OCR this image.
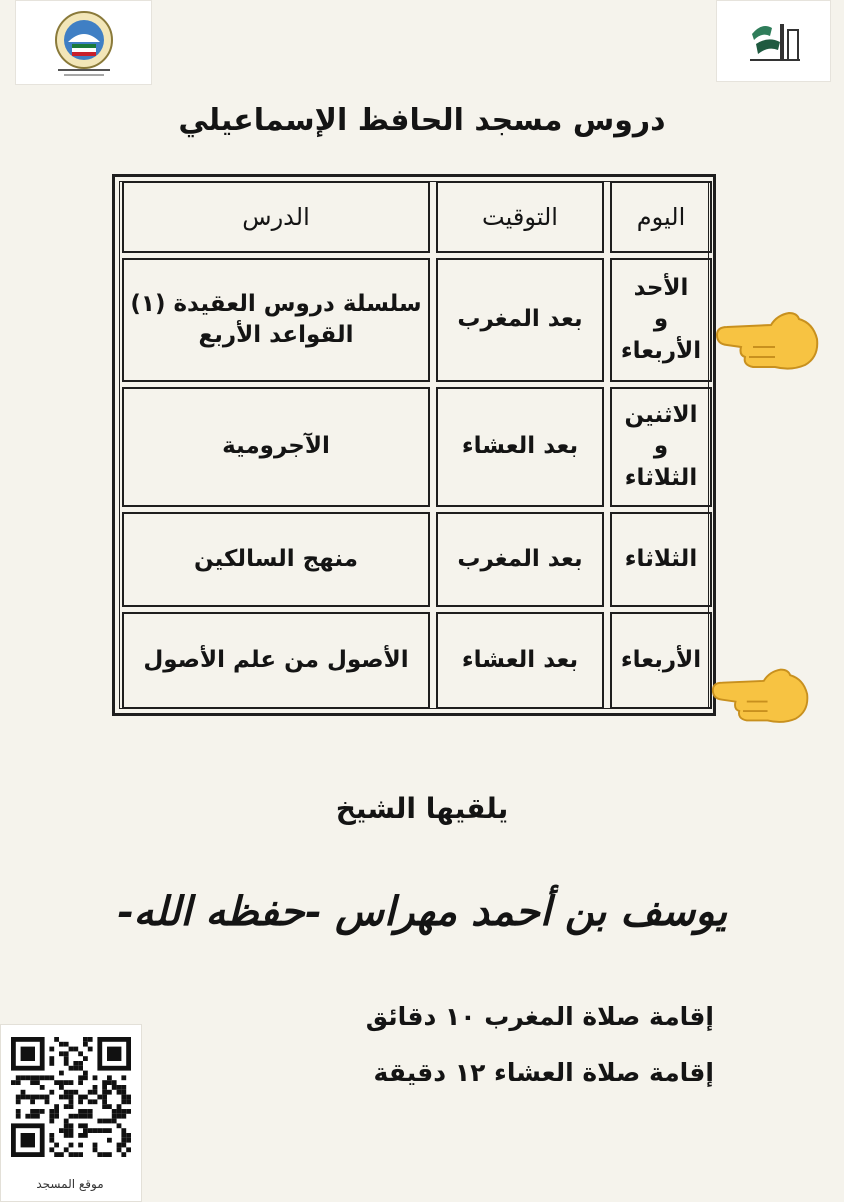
دروس مسجد الحافظ الإسماعيلي
اليوم
التوقيت
الدرس
الأحد
و
الأربعاء
بعد المغرب
سلسلة دروس العقيدة (١)
القواعد الأربع
الاثنين
و
الثلاثاء
بعد العشاء
الآجرومية
الثلاثاء
بعد المغرب
منهج السالكين
الأربعاء
بعد العشاء
الأصول من علم الأصول
يلقيها الشيخ
يوسف بن أحمد مهراس -حفظه الله-
إقامة صلاة المغرب ١٠ دقائق
إقامة صلاة العشاء ١٢ دقيقة
موقع المسجد
